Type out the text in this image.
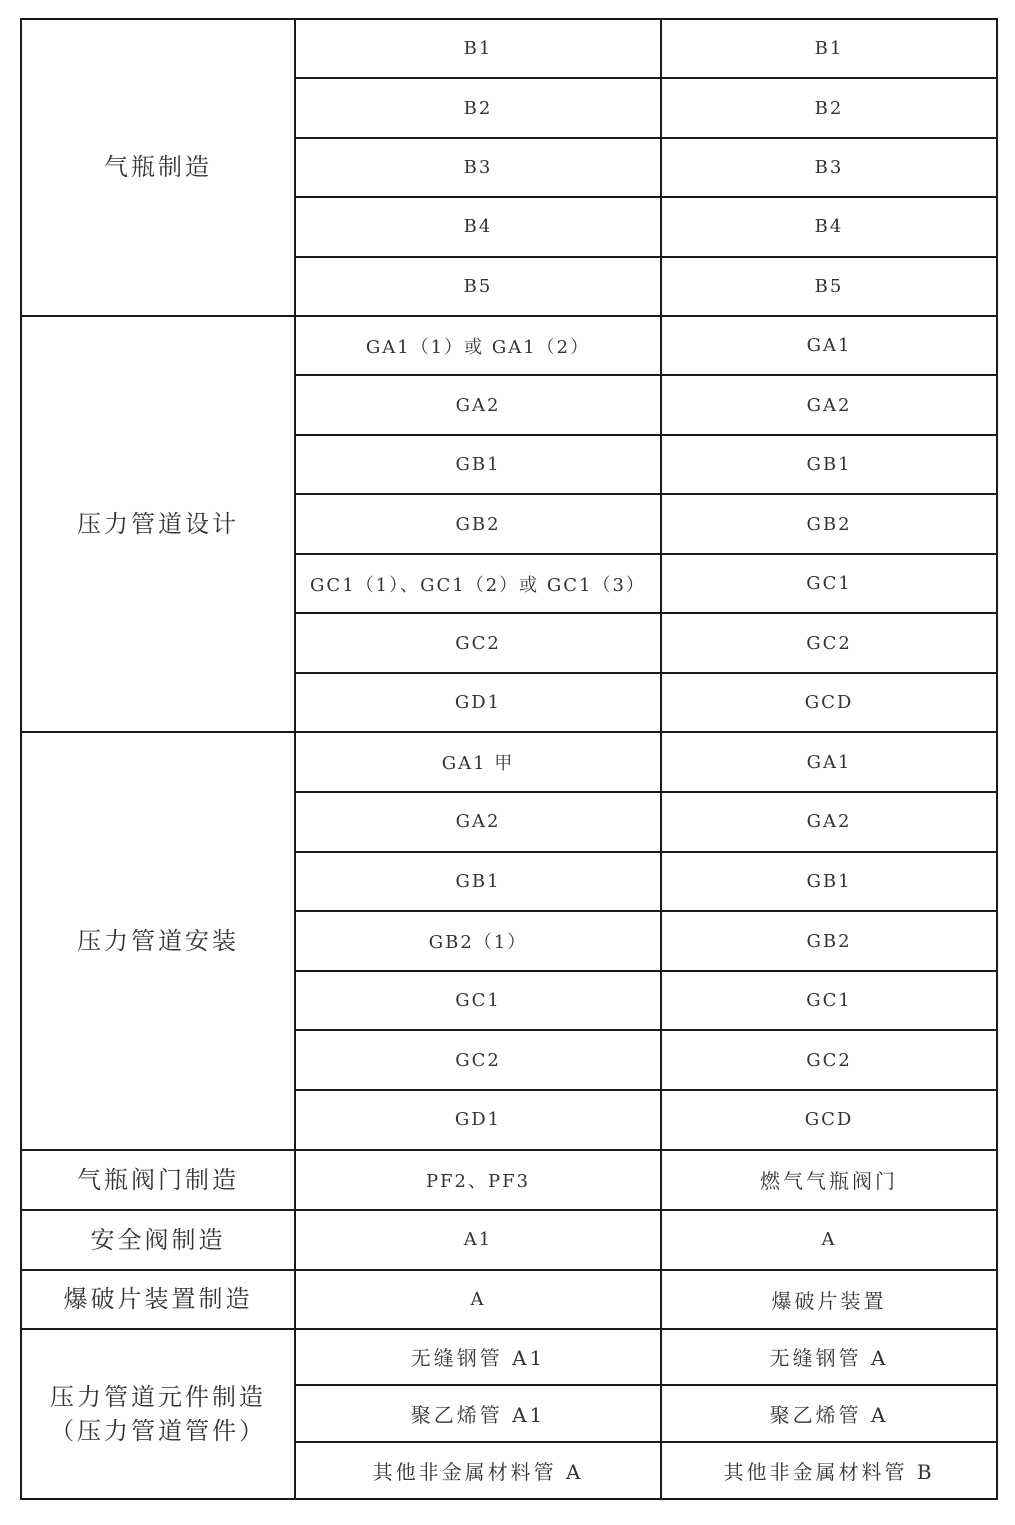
气瓶制造	B1	B1
	B2	B2
	B3	B3
	B4	B4
	B5	B5

压力管道设计	GA1（1）或 GA1（2）	GA1
	GA2	GA2
	GB1	GB1
	GB2	GB2
	GC1（1）、GC1（2）或 GC1（3）	GC1
	GC2	GC2
	GD1	GCD

压力管道安装	GA1 甲	GA1
	GA2	GA2
	GB1	GB1
	GB2（1）	GB2
	GC1	GC1
	GC2	GC2
	GD1	GCD

气瓶阀门制造	PF2、PF3	燃气气瓶阀门

安全阀制造	A1	A

爆破片装置制造	A	爆破片装置

压力管道元件制造
（压力管道管件）	无缝钢管 A1	无缝钢管 A
	聚乙烯管 A1	聚乙烯管 A
	其他非金属材料管 A	其他非金属材料管 B
